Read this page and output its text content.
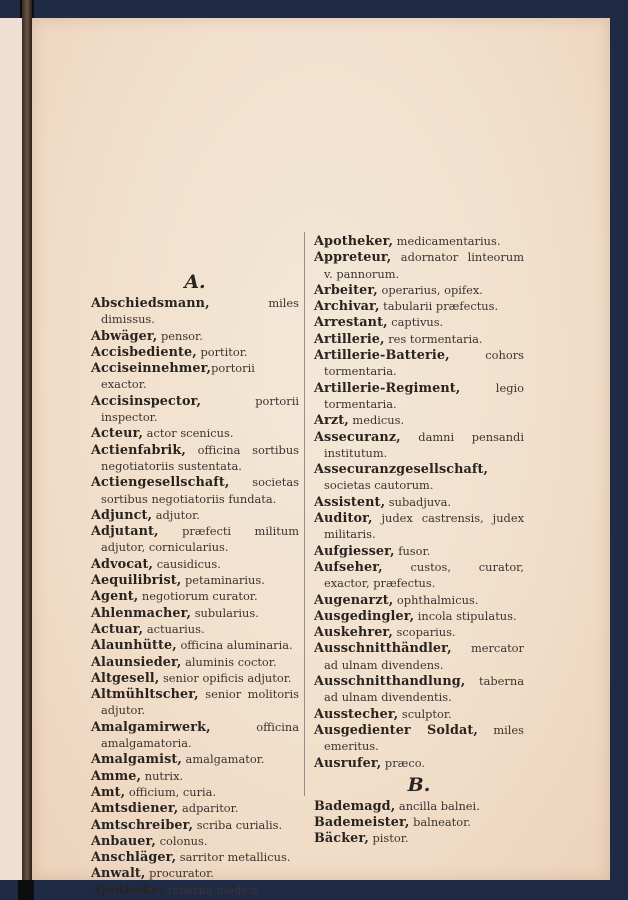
A.
Abschiedsmann, miles dimissus.
Abwäger, pensor.
Accisbediente, portitor.
Acciseinnehmer,portorii exactor.
Accisinspector, portorii inspector.
Acteur, actor scenicus.
Actienfabrik, officina sortibus negotiatoriis sustentata.
Actiengesellschaft, societas sortibus negotiatoriis fundata.
Adjunct, adjutor.
Adjutant, præfecti militum adjutor, cornicularius.
Advocat, causidicus.
Aequilibrist, petaminarius.
Agent, negotiorum curator.
Ahlenmacher, subularius.
Actuar, actuarius.
Alaunhütte, officina aluminaria.
Alaunsieder, aluminis coctor.
Altgesell, senior opificis adjutor.
Altmühltscher, senior molitoris adjutor.
Amalgamirwerk, officina amalgamatoria.
Amalgamist, amalgamator.
Amme, nutrix.
Amt, officium, curia.
Amtsdiener, adparitor.
Amtschreiber, scriba curialis.
Anbauer, colonus.
Anschläger, sarritor metallicus.
Anwalt, procurator.
Apotheke, taberna medica.
Apotheker, medicamentarius.
Appreteur, adornator linteorum v. pannorum.
Arbeiter, operarius, opifex.
Archivar, tabularii præfectus.
Arrestant, captivus.
Artillerie, res tormentaria.
Artillerie-Batterie, cohors tormentaria.
Artillerie-Regiment, legio tormentaria.
Arzt, medicus.
Assecuranz, damni pensandi institutum.
Assecuranzgesellschaft, societas cautorum.
Assistent, subadjuva.
Auditor, judex castrensis, judex militaris.
Aufgiesser, fusor.
Aufseher, custos, curator, exactor, præfectus.
Augenarzt, ophthalmicus.
Ausgedingler, incola stipulatus.
Auskehrer, scoparius.
Ausschnitthändler, mercator ad ulnam divendens.
Ausschnitthandlung, taberna ad ulnam divendentis.
Ausstecher, sculptor.
Ausgedienter Soldat, miles emeritus.
Ausrufer, præco.
B.
Bademagd, ancilla balnei.
Bademeister, balneator.
Bäcker, pistor.
